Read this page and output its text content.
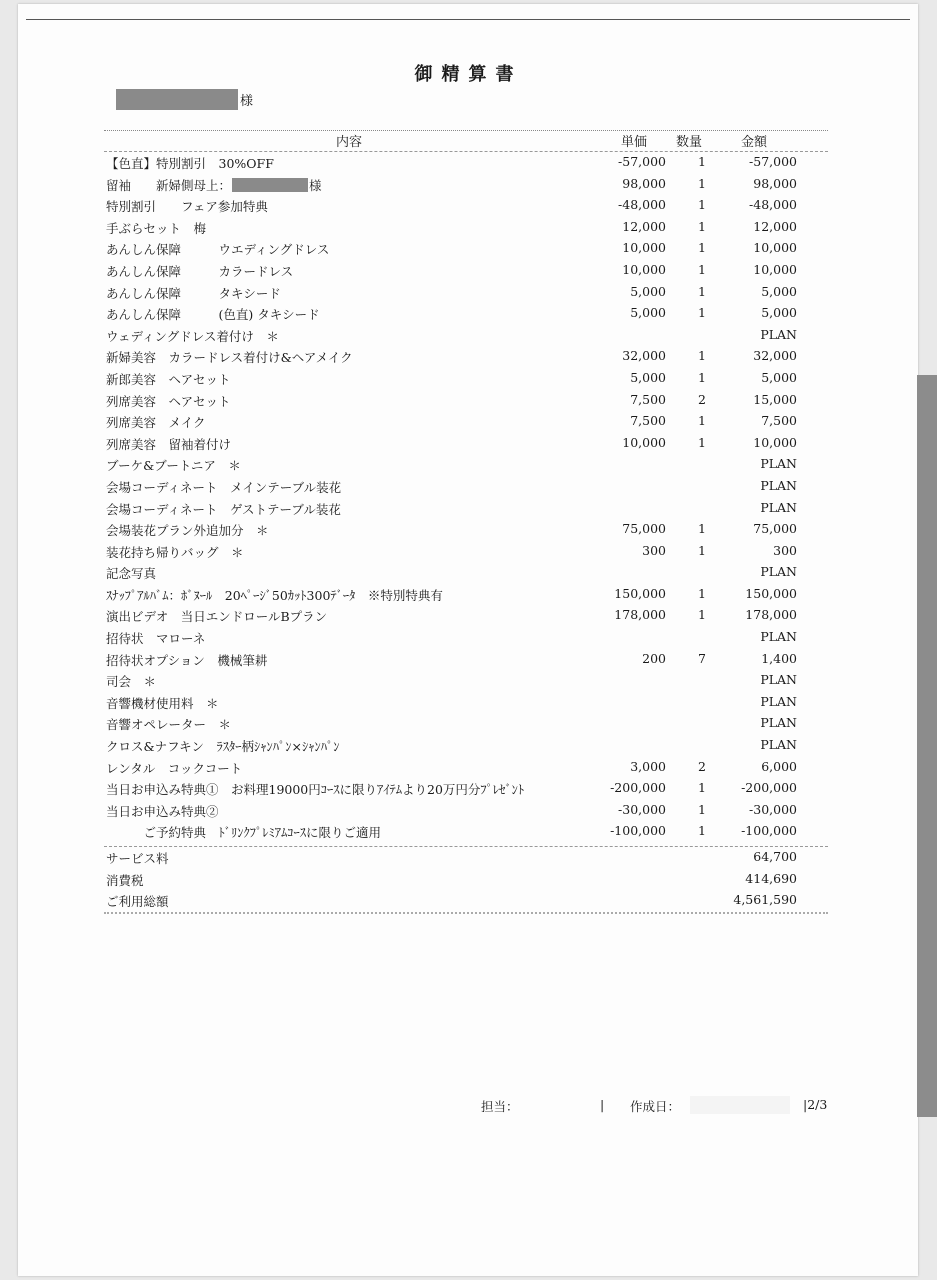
御精算書
様
内容	単価 数量	金額
【色直】特別割引　30%OFF	-57,000	1	-57,000
留袖　　新婦側母上：	様	98,000	1	98,000
特別割引　　フェア参加特典	-48,000	1	-48,000
手ぶらセット　梅	12,000	1	12,000
あんしん保障　　　ウエディングドレス	10,000	1	10,000
あんしん保障　　　カラードレス	10,000	1	10,000
あんしん保障　　　タキシード	5,000	1	5,000
あんしん保障　　　(色直) タキシード	5,000	1	5,000
ウェディングドレス着付け　＊	PLAN
新婦美容　カラードレス着付け&ヘアメイク	32,000	1	32,000
新郎美容　ヘアセット	5,000	1	5,000
列席美容　ヘアセット	7,500	2	15,000
列席美容　メイク	7,500	1	7,500
列席美容　留袖着付け	10,000	1	10,000
ブーケ&ブートニア　＊	PLAN
会場コーディネート　メインテーブル装花	PLAN
会場コーディネート　ゲストテーブル装花	PLAN
会場装花プラン外追加分　＊	75,000	1	75,000
装花持ち帰りバッグ　＊	300	1	300
記念写真	PLAN
ｽﾅｯﾌﾟｱﾙﾊﾞﾑ：ﾎﾞﾇｰﾙ　20ﾍﾟｰｼﾞ50ｶｯﾄ300ﾃﾞｰﾀ　※特別特典有	150,000	1	150,000
演出ビデオ　当日エンドロールBプラン	178,000	1	178,000
招待状　マローネ	PLAN
招待状オプション　機械筆耕	200	7	1,400
司会　＊	PLAN
音響機材使用料　＊	PLAN
音響オペレーター　＊	PLAN
クロス&ナフキン　ﾗｽﾀｰ柄ｼｬﾝﾊﾟﾝ×ｼｬﾝﾊﾟﾝ	PLAN
レンタル　コックコート	3,000	2	6,000
当日お申込み特典①　お料理19000円ｺｰｽに限りｱｲﾃﾑより20万円分ﾌﾟﾚｾﾞﾝﾄ	-200,000	1	-200,000
当日お申込み特典②	-30,000	1	-30,000
　　　ご予約特典　ﾄﾞﾘﾝｸﾌﾟﾚﾐｱﾑｺｰｽに限りご適用	-100,000	1	-100,000
サービス料	64,700
消費税	414,690
ご利用総額	4,561,590
担当：	| 作成日：	|2/3
